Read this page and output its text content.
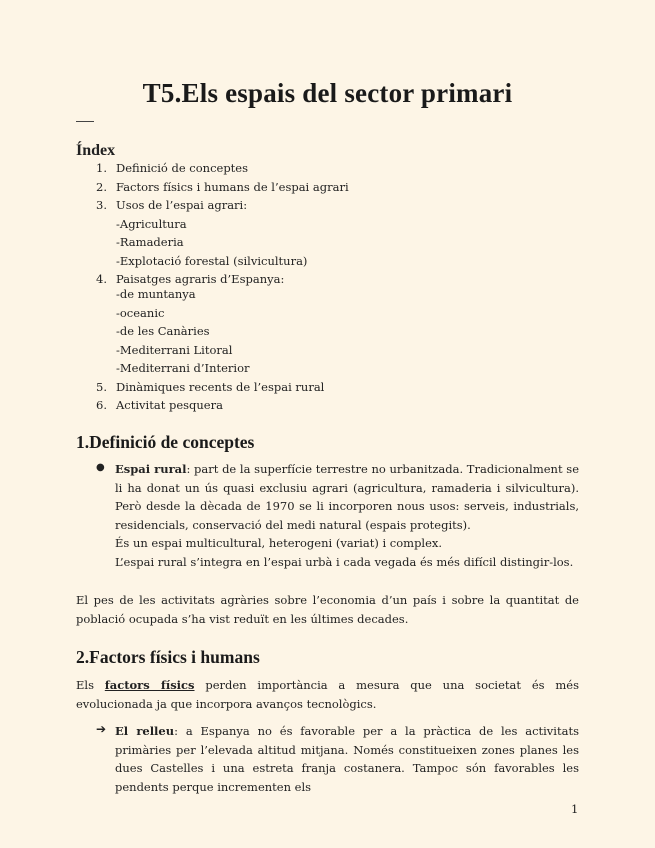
T5.Els espais del sector primari
Índex
1. Definició de conceptes
2. Factors físics i humans de l’espai agrari
3. Usos de l’espai agrari:
-Agricultura
-Ramaderia
-Explotació forestal (silvicultura)
4. Paisatges agraris d’Espanya:
-de muntanya
-oceanic
-de les Canàries
-Mediterrani Litoral
-Mediterrani d’Interior
5. Dinàmiques recents de l’espai rural
6. Activitat pesquera
1.Definició de conceptes
● Espai rural: part de la superfície terrestre no urbanitzada. Tradicionalment se li ha donat un ús quasi exclusiu agrari (agricultura, ramaderia i silvicultura). Però desde la dècada de 1970 se li incorporen nous usos: serveis, industrials, residencials, conservació del medi natural (espais protegits).
És un espai multicultural, heterogeni (variat) i complex.
L’espai rural s’integra en l’espai urbà i cada vegada és més difícil distingir-los.

El pes de les activitats agràries sobre l’economia d’un país i sobre la quantitat de població ocupada s’ha vist reduït en les últimes decades.

2.Factors físics i humans

Els factors físics perden importància a mesura que una societat és més evolucionada ja que incorpora avanços tecnològics.

➔ El relleu: a Espanya no és favorable per a la pràctica de les activitats primàries per l’elevada altitud mitjana. Només constitueixen zones planes les dues Castelles i una estreta franja costanera. Tampoc són favorables les pendents perque incrementen els
1
